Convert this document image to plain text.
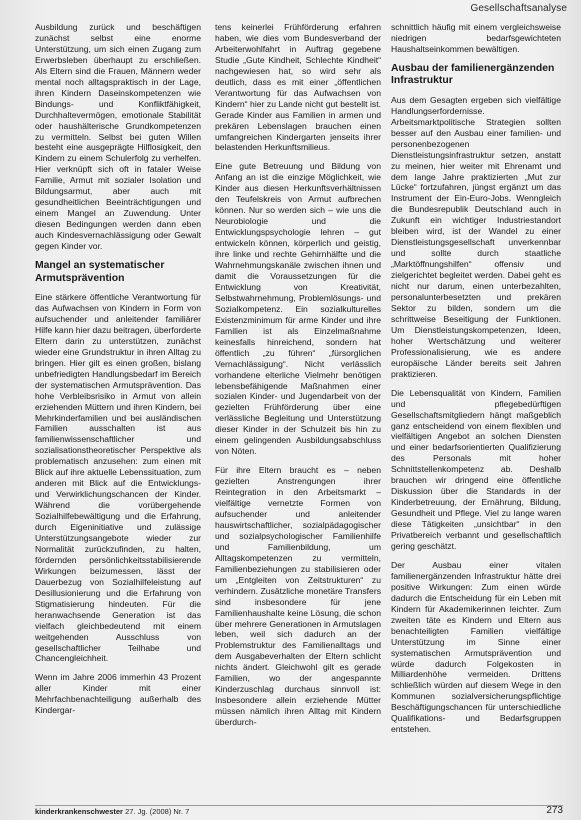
Gesellschaftsanalyse

Ausbildung zurück und beschäftigen zunächst selbst eine enorme Unterstützung, um sich einen Zugang zum Erwerbsleben überhaupt zu erschließen. Als Eltern sind die Frauen, Männern weder mental noch alltagspraktisch in der Lage, ihren Kindern Daseinskompetenzen wie Bindungs- und Konfliktfähigkeit, Durchhaltevermögen, emotionale Stabilität oder haushälterische Grundkompetenzen zu vermitteln. Selbst bei guten Willen besteht eine ausgeprägte Hilflosigkeit, den Kindern zu einem Schulerfolg zu verhelfen. Hier verknüpft sich oft in fataler Weise Familie, Armut mit sozialer Isolation und Bildungsarmut, aber auch mit gesundheitlichen Beeinträchtigungen und einem Mangel an Zuwendung. Unter diesen Bedingungen werden dann eben auch Kindesvernachlässigung oder Gewalt gegen Kinder vor.

Mangel an systematischer Armutsprävention

Eine stärkere öffentliche Verantwortung für das Aufwachsen von Kindern in Form von aufsuchender und anleitender familiärer Hilfe kann hier dazu beitragen, überforderte Eltern darin zu unterstützen, zunächst wieder eine Grundstruktur in ihren Alltag zu bringen. Hier gilt es einen großen, bislang unbefriedigten Handlungsbedarf im Bereich der systematischen Armutsprävention. Das hohe Verbleibsrisiko in Armut von allein erziehenden Müttern und ihren Kindern, bei Mehrkinderfamilien und bei ausländischen Familien ausschalten ist aus familienwissenschaftlicher und sozialisationstheoretischer Perspektive als problematisch anzusehen: zum einen mit Blick auf ihre aktuelle Lebenssituation, zum anderen mit Blick auf die Entwicklungs- und Verwirklichungschancen der Kinder. Während die vorübergehende Sozialhilfebewältigung und die Erfahrung, durch Eigeninitiative und zulässige Unterstützungsangebote wieder zur Normalität zurückzufinden, zu halten, fördernden persönlichkeitsstabilisierende Wirkungen beizumessen, lässt der Dauerbezug von Sozialhilfeleistung auf Desillusionierung und die Erfahrung von Stigmatisierung hindeuten. Für die heranwachsende Generation ist das vielfach gleichbedeutend mit einem weitgehenden Ausschluss von gesellschaftlicher Teilhabe und Chancengleichheit.

Wenn im Jahre 2006 immerhin 43 Prozent aller Kinder mit einer Mehrfachbenachteiligung außerhalb des Kindergar-

tens keinerlei Frühförderung erfahren haben, wie dies vom Bundesverband der Arbeiterwohlfahrt in Auftrag gegebene Studie „Gute Kindheit, Schlechte Kindheit“ nachgewiesen hat, so wird sehr als deutlich, dass es mit einer „öffentlichen Verantwortung für das Aufwachsen von Kindern“ hier zu Lande nicht gut bestellt ist. Gerade Kinder aus Familien in armen und prekären Lebenslagen brauchen einen umfangreichen Kindergarten jenseits ihrer belastenden Herkunftsmilieus.

Eine gute Betreuung und Bildung von Anfang an ist die einzige Möglichkeit, wie Kinder aus diesen Herkunftsverhältnissen den Teufelskreis von Armut aufbrechen können. Nur so werden sich – wie uns die Neurobiologie und die Entwicklungspsychologie lehren – gut entwickeln können, körperlich und geistig, ihre linke und rechte Gehirnhälfte und die Wahrnehmungskanäle zwischen ihnen und damit die Voraussetzungen für die Entwicklung von Kreativität, Selbstwahrnehmung, Problemlösungs- und Sozialkompetenz. Ein sozialkulturelles Existenzminimum für arme Kinder und ihre Familien ist als Einzelmaßnahme keinesfalls hinreichend, sondern hat öffentlich „zu führen“ „fürsorglichen Vernachlässigung“. Nicht verlässlich vorhandene elterliche Vielmehr benötigen lebensbefähigende Maßnahmen einer sozialen Kinder- und Jugendarbeit von der gezielten Frühförderung über eine verlässliche Begleitung und Unterstützung dieser Kinder in der Schulzeit bis hin zu einem gelingenden Ausbildungsabschluss von Nöten.

Für ihre Eltern braucht es – neben gezielten Anstrengungen ihrer Reintegration in den Arbeitsmarkt – vielfältige vernetzte Formen von aufsuchender und anleitender hauswirtschaftlicher, sozialpädagogischer und sozialpsychologischer Familienhilfe und Familienbildung, um Alltagskompetenzen zu vermitteln, Familienbeziehungen zu stabilisieren oder um „Entgleiten von Zeitstrukturen“ zu verhindern. Zusätzliche monetäre Transfers sind insbesondere für jene Familienhaushalte keine Lösung, die schon über mehrere Generationen in Armutslagen leben, weil sich dadurch an der Problemstruktur des Familienalltags und dem Ausgabeverhalten der Eltern schlicht nichts ändert. Gleichwohl gilt es gerade Familien, wo der angespannte Kinderzuschlag durchaus sinnvoll ist: Insbesondere allein erziehende Mütter müssen nämlich ihren Alltag mit Kindern überdurch-

schnittlich häufig mit einem vergleichsweise niedrigen bedarfsgewichteten Haushaltseinkommen bewältigen.

Ausbau der familienergänzenden Infrastruktur

Aus dem Gesagten ergeben sich vielfältige Handlungserfordernisse. Arbeitsmarktpolitische Strategien sollten besser auf den Ausbau einer familien- und personenbezogenen Dienstleistungsinfrastruktur setzen, anstatt zu meinen, hier weiter mit Ehrenamt und dem lange Jahre praktizierten „Mut zur Lücke“ fortzufahren, jüngst ergänzt um das Instrument der Ein-Euro-Jobs. Wenngleich die Bundesrepublik Deutschland auch in Zukunft ein wichtiger Industriestandort bleiben wird, ist der Wandel zu einer Dienstleistungsgesellschaft unverkennbar und sollte durch staatliche „Marktöffnungshilfen“ offensiv und zielgerichtet begleitet werden. Dabei geht es nicht nur darum, einen unterbezahlten, personalunterbesetzten und prekären Sektor zu bilden, sondern um die schrittweise Beseitigung der Funktionen. Um Dienstleistungskompetenzen, Ideen, hoher Wertschätzung und weiterer Professionalisierung, wie es andere europäische Länder bereits seit Jahren praktizieren.

Die Lebensqualität von Kindern, Familien und pflegebedürftigen Gesellschaftsmitgliedern hängt maßgeblich ganz entscheidend von einem flexiblen und vielfältigen Angebot an solchen Diensten und einer bedarfsorientierten Qualifizierung des Personals mit hoher Schnittstellenkompetenz ab. Deshalb brauchen wir dringend eine öffentliche Diskussion über die Standards in der Kinderbetreuung, der Ernährung, Bildung, Gesundheit und Pflege. Viel zu lange waren diese Tätigkeiten „unsichtbar“ in den Privatbereich verbannt und gesellschaftlich gering geschätzt.

Der Ausbau einer vitalen familienergänzenden Infrastruktur hätte drei positive Wirkungen: Zum einen würde dadurch die Entscheidung für ein Leben mit Kindern für Akademikerinnen leichter. Zum zweiten täte es Kindern und Eltern aus benachteiligten Familien vielfältige Unterstützung im Sinne einer systematischen Armutsprävention und würde dadurch Folgekosten in Milliardenhöhe vermeiden. Drittens schließlich würden auf diesem Wege in den Kommunen sozialversicherungspflichtige Beschäftigungschancen für unterschiedliche Qualifikations- und Bedarfsgruppen entstehen.

kinderkrankenschwester 27. Jg. (2008) Nr. 7	273
